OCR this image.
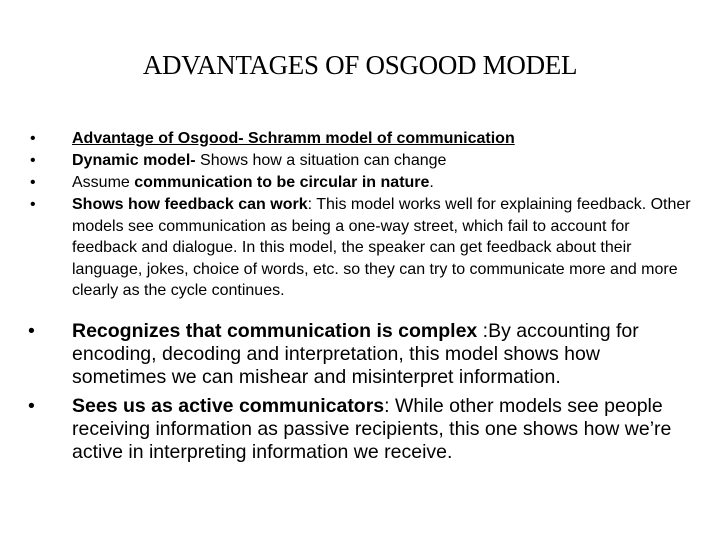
ADVANTAGES OF OSGOOD MODEL
• Advantage of Osgood- Schramm model of communication
• Dynamic model- Shows how a situation can change
• Assume communication to be circular in nature.
• Shows how feedback can work: This model works well for explaining feedback. Other models see communication as being a one-way street, which fail to account for feedback and dialogue. In this model, the speaker can get feedback about their language, jokes, choice of words, etc. so they can try to communicate more and more clearly as the cycle continues.
• Recognizes that communication is complex :By accounting for encoding, decoding and interpretation, this model shows how sometimes we can mishear and misinterpret information.
• Sees us as active communicators: While other models see people receiving information as passive recipients, this one shows how we’re active in interpreting information we receive.
